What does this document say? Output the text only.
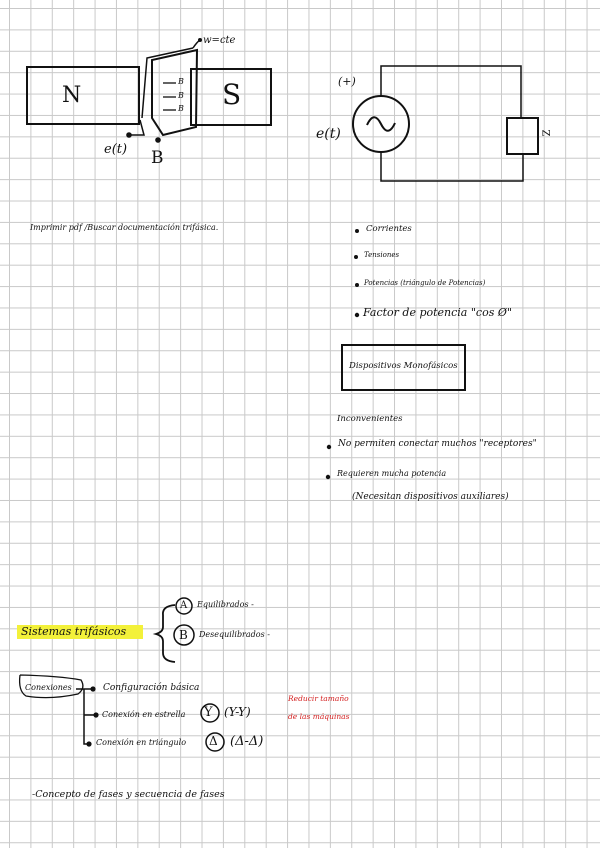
N	S
w=cte
B
B
B
e(t) B
(+)
e(t)	Z
Imprimir pdf /Buscar documentación trifásica.	Corrientes
Tensiones
Potencias (triángulo de Potencias)
Factor de potencia "cos Ø"
Dispositivos Monofásicos
Inconvenientes
No permiten conectar muchos "receptores"
Requieren mucha potencia
(Necesitan dispositivos auxiliares)
Sistemas trifásicos
A Equilibrados -
B Desequilibrados -
Conexiones	Configuración básica
Conexión en estrella Y (Y-Y)
Conexión en triángulo Δ (Δ-Δ)
Reducir tamaño
de las máquinas
-Concepto de fases y secuencia de fases
